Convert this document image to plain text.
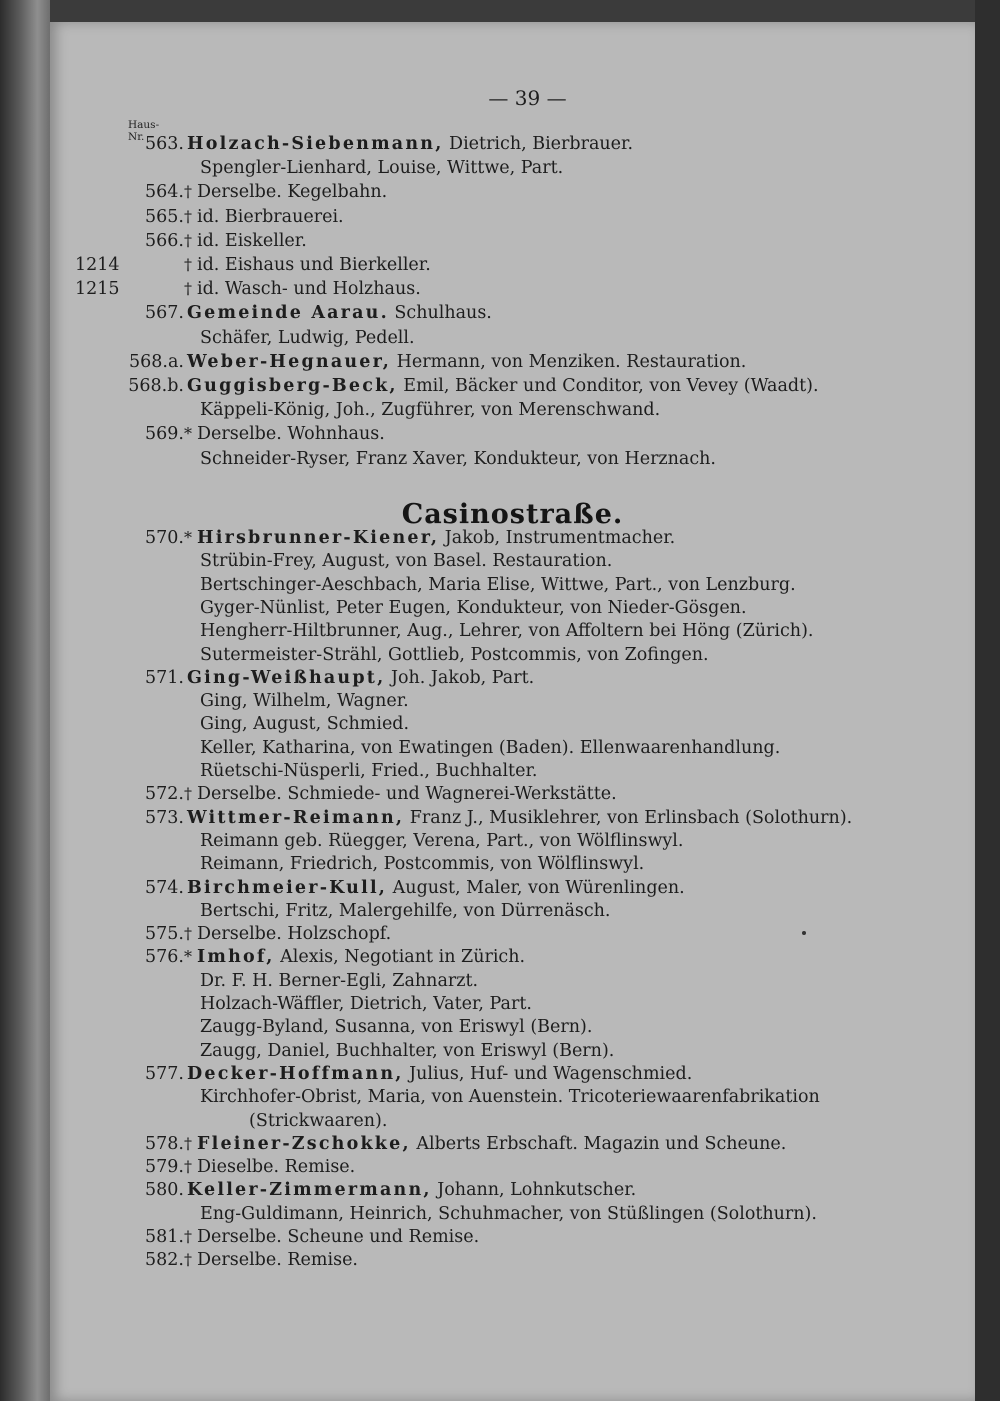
— 39 —
Haus-
Nr. 563. Holzach-Siebenmann, Dietrich, Bierbrauer.
Spengler-Lienhard, Louise, Wittwe, Part.
564. † Derselbe. Kegelbahn.
565. † id. Bierbrauerei.
566. † id. Eiskeller.
1214	† id. Eishaus und Bierkeller.
1215	† id. Wasch- und Holzhaus.
567. Gemeinde Aarau. Schulhaus.
Schäfer, Ludwig, Pedell.
568.a. Weber-Hegnauer, Hermann, von Menziken. Restauration.
568.b. Guggisberg-Beck, Emil, Bäcker und Conditor, von Vevey (Waadt).
Käppeli-König, Joh., Zugführer, von Merenschwand.
569. * Derselbe. Wohnhaus.
Schneider-Ryser, Franz Xaver, Kondukteur, von Herznach.
Casinostraße.
570. * Hirsbrunner-Kiener, Jakob, Instrumentmacher.
Strübin-Frey, August, von Basel. Restauration.
Bertschinger-Aeschbach, Maria Elise, Wittwe, Part., von Lenzburg.
Gyger-Nünlist, Peter Eugen, Kondukteur, von Nieder-Gösgen.
Hengherr-Hiltbrunner, Aug., Lehrer, von Affoltern bei Höng (Zürich).
Sutermeister-Strähl, Gottlieb, Postcommis, von Zofingen.
571. Ging-Weißhaupt, Joh. Jakob, Part.
Ging, Wilhelm, Wagner.
Ging, August, Schmied.
Keller, Katharina, von Ewatingen (Baden). Ellenwaarenhandlung.
Rüetschi-Nüsperli, Fried., Buchhalter.
572. † Derselbe. Schmiede- und Wagnerei-Werkstätte.
573. Wittmer-Reimann, Franz J., Musiklehrer, von Erlinsbach (Solothurn).
Reimann geb. Rüegger, Verena, Part., von Wölflinswyl.
Reimann, Friedrich, Postcommis, von Wölflinswyl.
574. Birchmeier-Kull, August, Maler, von Würenlingen.
Bertschi, Fritz, Malergehilfe, von Dürrenäsch.
575. † Derselbe. Holzschopf.
576. * Imhof, Alexis, Negotiant in Zürich.
Dr. F. H. Berner-Egli, Zahnarzt.
Holzach-Wäffler, Dietrich, Vater, Part.
Zaugg-Byland, Susanna, von Eriswyl (Bern).
Zaugg, Daniel, Buchhalter, von Eriswyl (Bern).
577. Decker-Hoffmann, Julius, Huf- und Wagenschmied.
Kirchhofer-Obrist, Maria, von Auenstein. Tricoteriewaarenfabrikation
(Strickwaaren).
578. † Fleiner-Zschokke, Alberts Erbschaft. Magazin und Scheune.
579. † Dieselbe. Remise.
580. Keller-Zimmermann, Johann, Lohnkutscher.
Eng-Guldimann, Heinrich, Schuhmacher, von Stüßlingen (Solothurn).
581. † Derselbe. Scheune und Remise.
582. † Derselbe. Remise.
